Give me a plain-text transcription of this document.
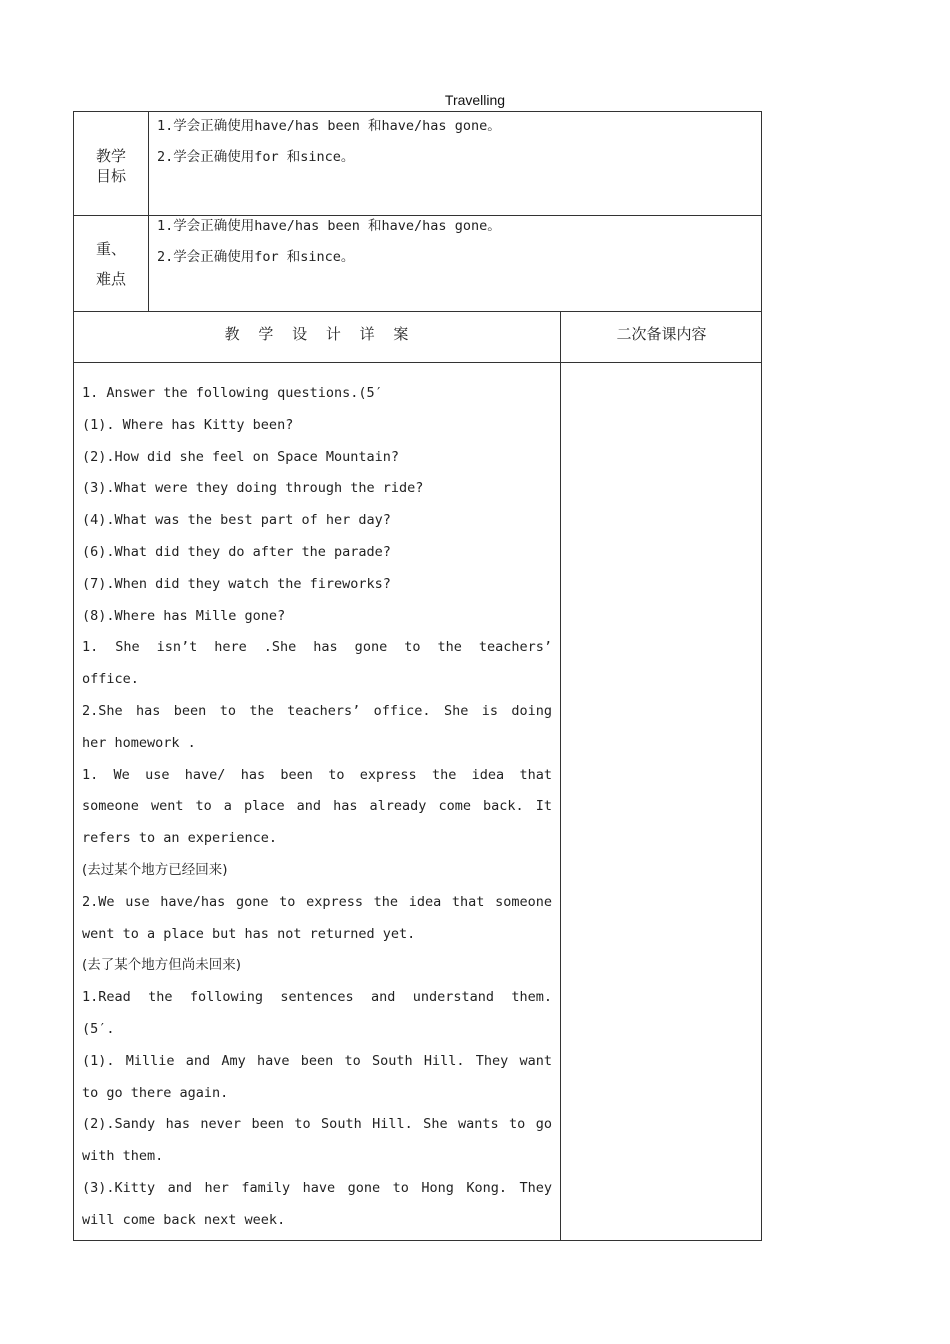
Travelling
教学
目标
1.学会正确使用have/has been 和have/has gone。
2.学会正确使用for 和since。
重、
难点
1.学会正确使用have/has been 和have/has gone。
2.学会正确使用for 和since。
教 学 设 计 详 案	二次备课内容
1. Answer the following questions.(5′
(1). Where has Kitty been?
(2).How did she feel on Space Mountain?
(3).What were they doing through the ride?
(4).What was the best part of her day?
(6).What did they do after the parade?
(7).When did they watch the fireworks?
(8).Where has Mille gone?
1. She isn’t here .She has gone to the teachers’
office.
2.She has been to the teachers’ office. She is doing
her homework .
1. We use have/ has been to express the idea that
someone went to a place and has already come back. It
refers to an experience.
(去过某个地方已经回来)
2.We use have/has gone to express the idea that someone
went to a place but has not returned yet.
(去了某个地方但尚未回来)
1.Read the following sentences and understand them.
(5′.
(1). Millie and Amy have been to South Hill. They want
to go there again.
(2).Sandy has never been to South Hill. She wants to go
with them.
(3).Kitty and her family have gone to Hong Kong. They
will come back next week.
